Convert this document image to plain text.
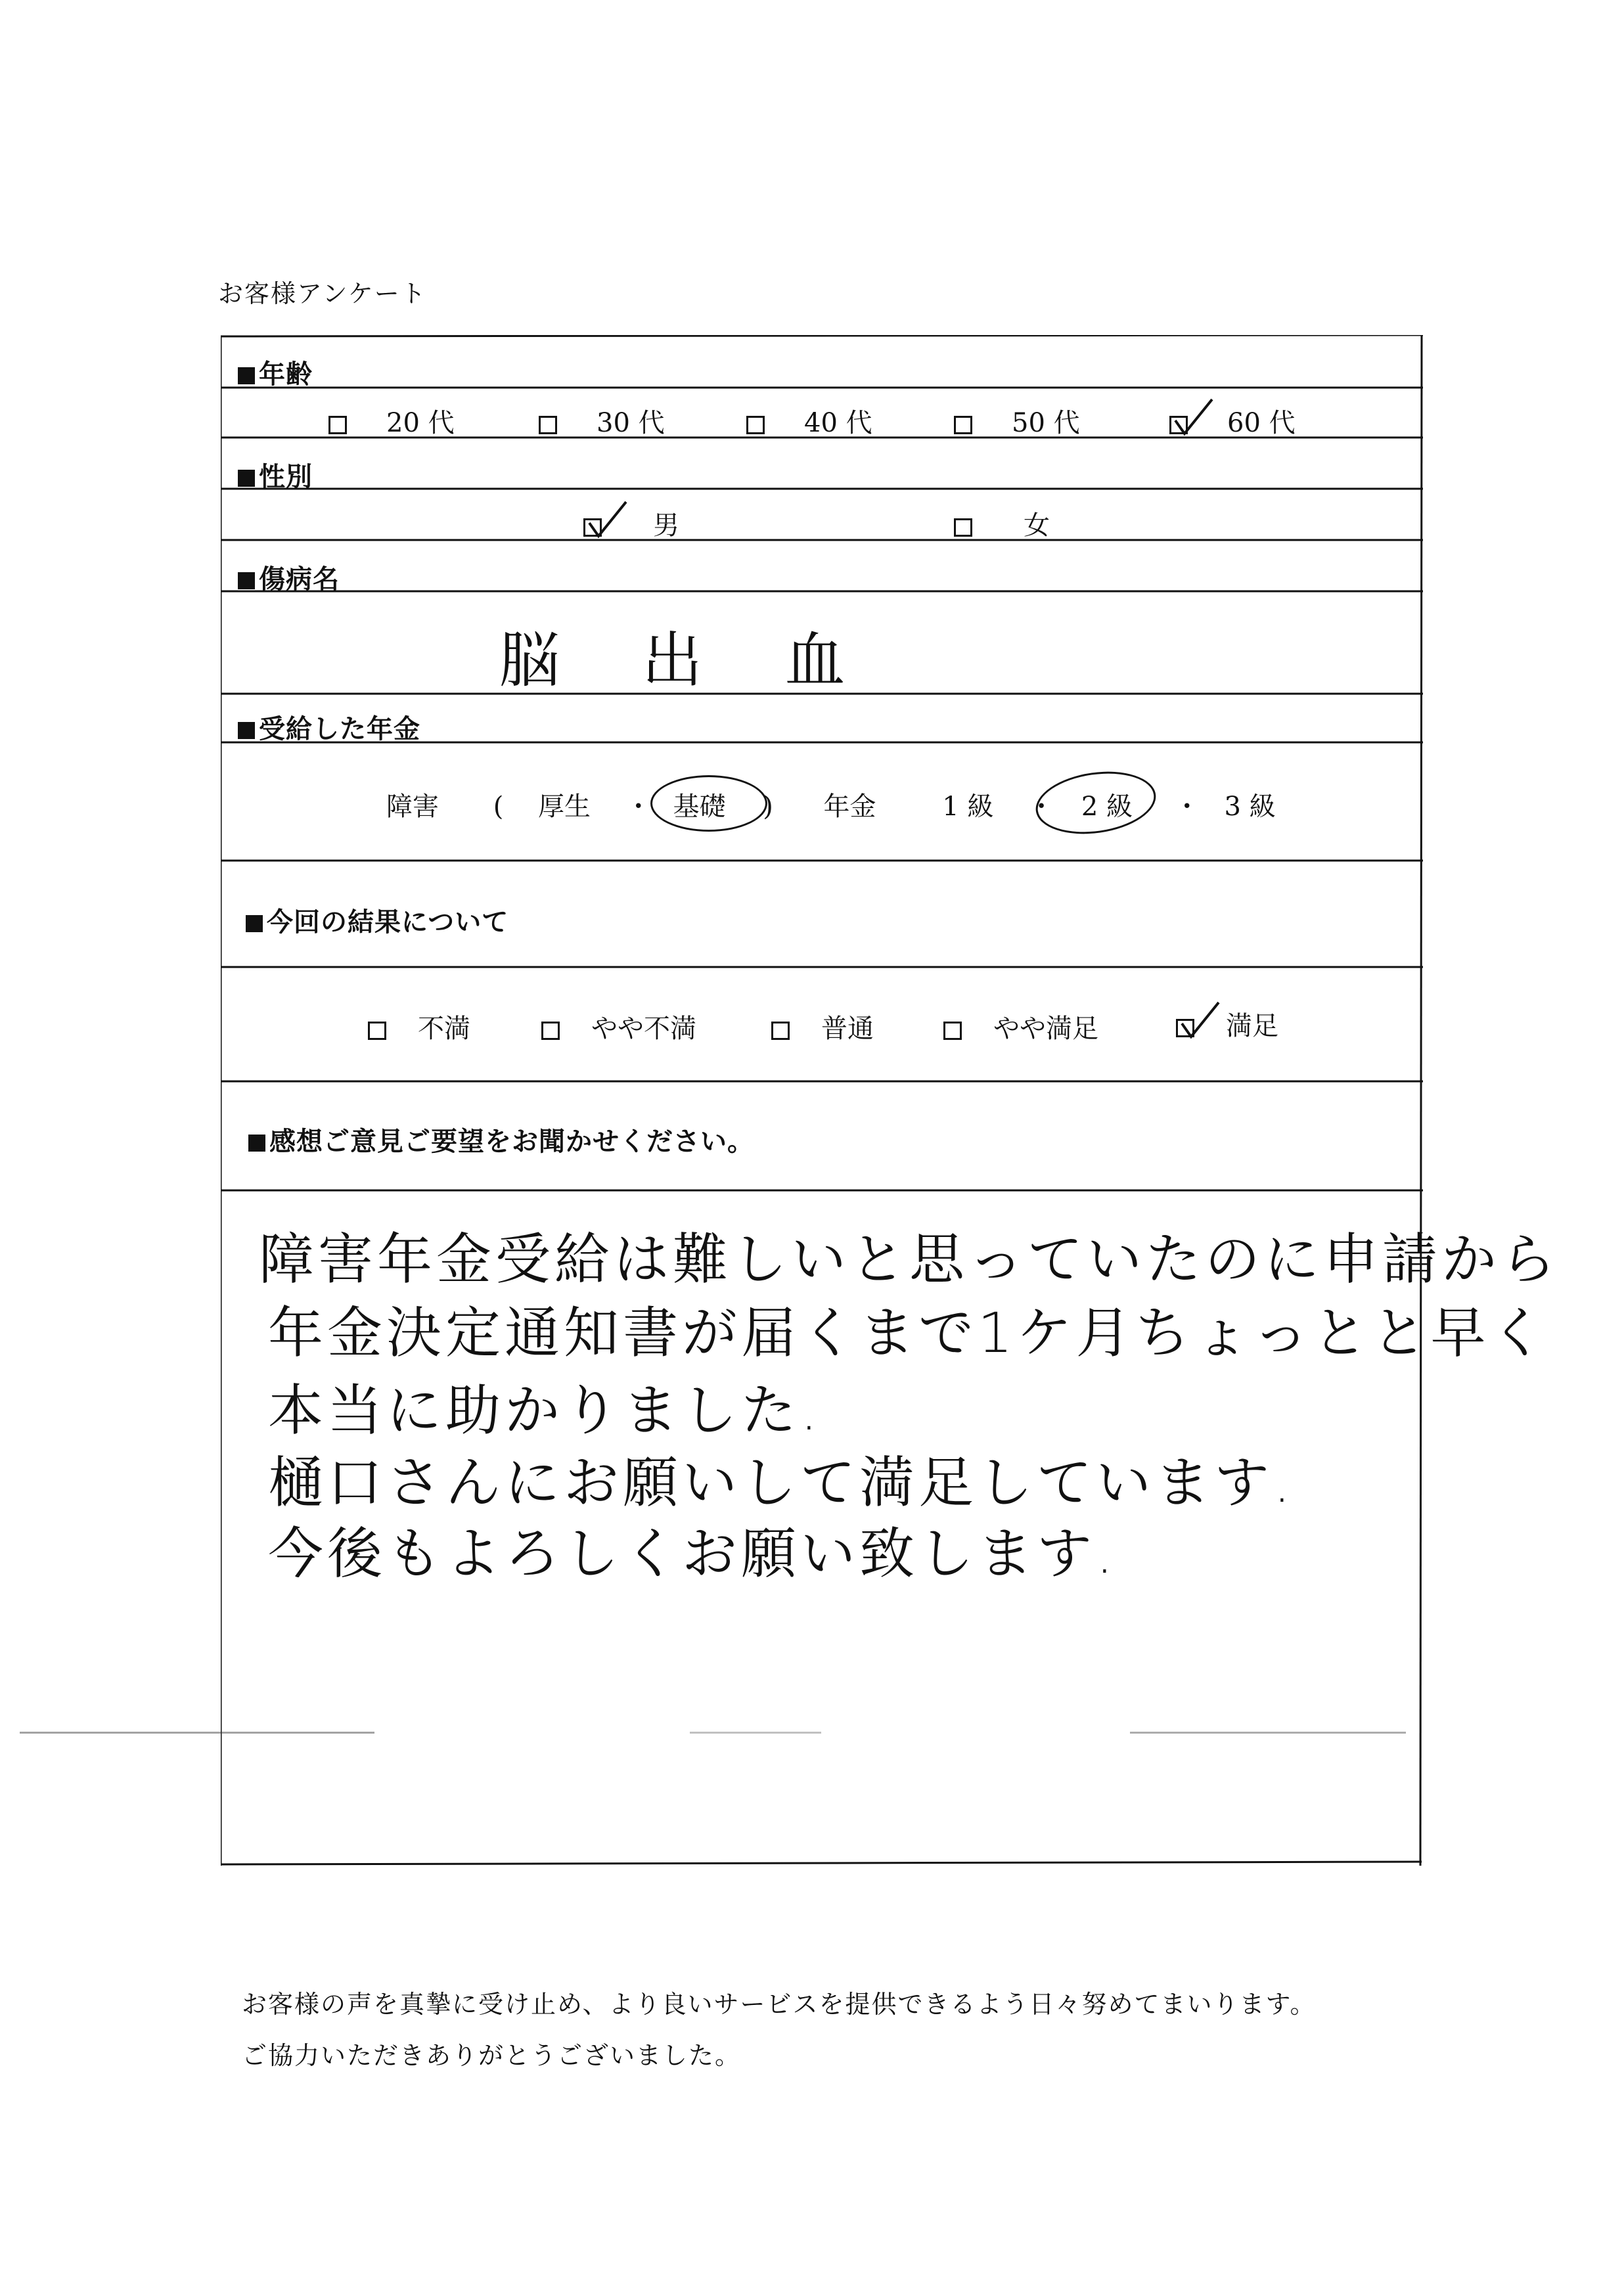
お客様アンケート
年齢
20 代	30 代	40 代	50 代	60 代
性別
男	女
傷病名
脳 出 血
受給した年金
障害 ( 厚生 ・ 基礎 ) 年金	1 級 ・ 2 級 ・ 3 級
今回の結果について
不満	やや不満	普通	やや満足	満足
感想ご意見ご要望をお聞かせください。
障害年金受給は難しいと思っていたのに申請から
年金決定通知書が届くまで1ケ月ちょっとと早く
本当に助かりました.
樋口さんにお願いして満足しています.
今後もよろしくお願い致します.
お客様の声を真摯に受け止め、より良いサービスを提供できるよう日々努めてまいります。
ご協力いただきありがとうございました。
